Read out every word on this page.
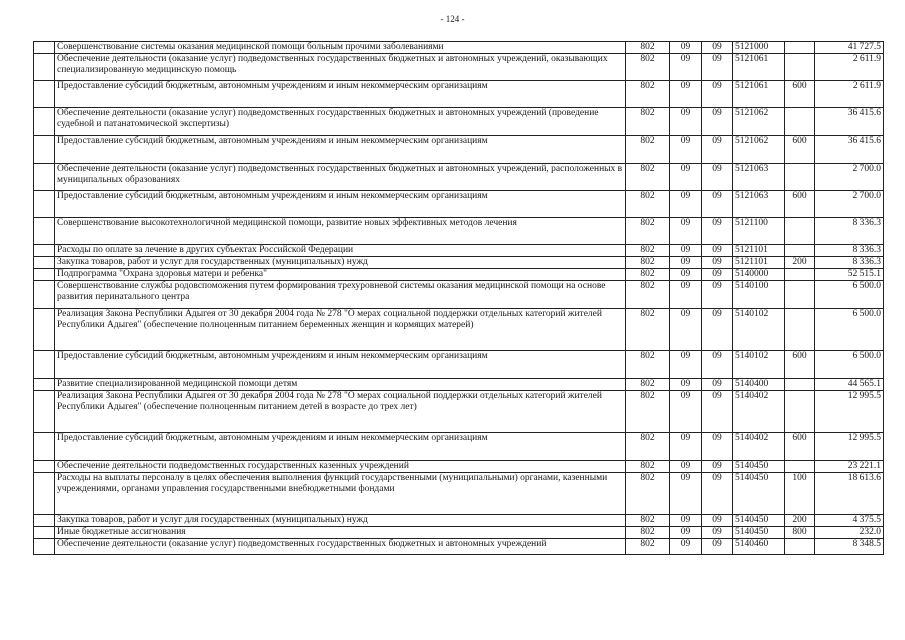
- 124 -
	Совершенствование системы оказания медицинской помощи больным прочими заболеваниями	802	09	09	5121000		41 727.5
	Обеспечение деятельности (оказание услуг) подведомственных государственных бюджетных и автономных учреждений, оказывающих специализированную медицинскую помощь	802	09	09	5121061		2 611.9
	Предоставление субсидий бюджетным, автономным учреждениям и иным некоммерческим организациям	802	09	09	5121061	600	2 611.9
	Обеспечение деятельности (оказание услуг) подведомственных государственных бюджетных и автономных учреждений (проведение судебной и патанатомической экспертизы)	802	09	09	5121062		36 415.6
	Предоставление субсидий бюджетным, автономным учреждениям и иным некоммерческим организациям	802	09	09	5121062	600	36 415.6
	Обеспечение деятельности (оказание услуг) подведомственных государственных бюджетных и автономных учреждений, расположенных в муниципальных образованиях	802	09	09	5121063		2 700.0
	Предоставление субсидий бюджетным, автономным учреждениям и иным некоммерческим организациям	802	09	09	5121063	600	2 700.0
	Совершенствование высокотехнологичной медицинской помощи, развитие новых эффективных методов лечения	802	09	09	5121100		8 336.3
	Расходы по оплате за лечение в других субъектах Российской Федерации	802	09	09	5121101		8 336.3
	Закупка товаров, работ и услуг для государственных (муниципальных) нужд	802	09	09	5121101	200	8 336.3
	Подпрограмма "Охрана здоровья матери и ребенка"	802	09	09	5140000		52 515.1
	Совершенствование службы родовспоможения путем формирования трехуровневой системы оказания медицинской помощи на основе развития перинатального центра	802	09	09	5140100		6 500.0
	Реализация Закона Республики Адыгея от 30 декабря 2004 года № 278 "О мерах социальной поддержки отдельных категорий жителей Республики Адыгея" (обеспечение полноценным питанием беременных женщин и кормящих матерей)	802	09	09	5140102		6 500.0
	Предоставление субсидий бюджетным, автономным учреждениям и иным некоммерческим организациям	802	09	09	5140102	600	6 500.0
	Развитие специализированной медицинской помощи детям	802	09	09	5140400		44 565.1
	Реализация Закона Республики Адыгея от 30 декабря 2004 года № 278 "О мерах социальной поддержки отдельных категорий жителей Республики Адыгея" (обеспечение полноценным питанием детей в возрасте до трех лет)	802	09	09	5140402		12 995.5
	Предоставление субсидий бюджетным, автономным учреждениям и иным некоммерческим организациям	802	09	09	5140402	600	12 995.5
	Обеспечение деятельности подведомственных государственных казенных учреждений	802	09	09	5140450		23 221.1
	Расходы на выплаты персоналу в целях обеспечения выполнения функций государственными (муниципальными) органами, казенными учреждениями, органами управления государственными внебюджетными фондами	802	09	09	5140450	100	18 613.6
	Закупка товаров, работ и услуг для государственных (муниципальных) нужд	802	09	09	5140450	200	4 375.5
	Иные бюджетные ассигнования	802	09	09	5140450	800	232.0
	Обеспечение деятельности (оказание услуг) подведомственных государственных бюджетных и автономных учреждений	802	09	09	5140460		8 348.5
